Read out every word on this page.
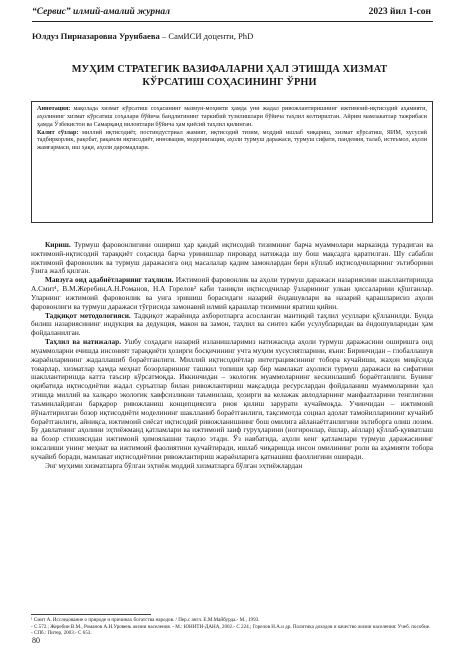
“Сервис” илмий-амалий журнал	2023 йил 1-сон
Юлдуз Пирназаровна Урунбаева – СамИСИ доценти, PhD
МУҲИМ СТРАТЕГИК ВАЗИФАЛАРНИ ҲАЛ ЭТИШДА ХИЗМАТ КЎРСАТИШ СОҲАСИНИНГ ЎРНИ

Аннотация: мақолада хизмат кўрсатиш соҳасининг мазмун-моҳияти ҳамда уни жадал ривожлантиришнинг ижтимоий-иқтисодий аҳамияти, аҳолининг хизмат кўрсатиш соҳалари бўйича бандлигининг таркибий тузилишлари бўйича таҳлил келтирилган. Айрим мамлакатлар тажрибаси ҳамда Ўзбекистон ва Самарқанд вилоятлари бўйича ҳам қиёсий таҳлил қилинган.

Калит сўзлар: миллий иқтисодиёт, постиндустриал жамият, иқтисодий тизим, моддий ишлаб чиқариш, хизмат кўрсатиш, ЯИМ, хусусий тадбиркорлик, рақобат, рақамли иқтисодиёт, инновация, модернизация, аҳоли турмуш даражаси, турмуш сифати, пандемия, талаб, истеъмол, аҳоли жамғармаси, иш ҳақи, аҳоли даромадлари.

Кириш. Турмуш фаровонлигини ошириш ҳар қандай иқтисодий тизимнинг барча муаммолари марказида турадиган ва ижтимоий-иқтисодий тараққиёт соҳасида барча уринишлар пировард натижада шу бош мақсадга қаратилган. Шу сабабли ижтимоий фаровонлик ва турмуш даражасига оид масалалар қадим замонлардан бери кўплаб иқтисодчиларнинг эътиборини ўзига жалб қилган.

Мавзуга оид адабиётларнинг таҳлили. Ижтимоий фаровонлик ва аҳоли турмуш даражаси назариясини шакллантиришда А.Смит¹, В.М.Жеребин,А.Н.Романов, Н.А Горелов² каби таниқли иқтисодчилар ўзларининг улкан ҳиссаларини қўшганлар. Уларнинг ижтимоий фаровонлик ва унга эришиш борасидаги назарий ёндашувлари ва назарий қарашларисиз аҳоли фаровонлиги ва турмуш даражаси тўғрисида замонавий илмий қарашлар тизимини яратиш қийин.

Тадқиқот методологияси. Тадқиқот жараёнида ахборотларга асосланган мантиқий таҳлил усуллари қўлланилди. Бунда билиш назариясининг индукция ва дедукция, макон ва замон, таҳлил ва синтез каби усулубларидан ва ёндошувларидан ҳам фойдаланилган.

Таҳлил ва натижалар. Ушбу соҳадаги назарий изланишларимиз натижасида аҳоли турмуш даражасини оширишга оид муаммоларни ечишда инсоният тараққиёти ҳозирги босқичининг учта муҳим хусусиятларини, яъни: Биринчидан – глобаллашув жараёнларининг жадаллашиб бораётганлиги. Миллий иқтисодиётлар интеграциясининг тобора кучайиши, жаҳон миқёсида товарлар, хизматлар ҳамда меҳнат бозорларининг ташкил топиши ҳар бир мамлакат аҳолиси турмуш даражаси ва сифатини шакллантиришда катта таъсир кўрсатмоқда. Иккинчидан – экологик муаммоларнинг кескинлашиб бораётганлиги. Бунинг оқибатида иқтисодиётни жадал суръатлар билан ривожлантириш мақсадида ресурслардан фойдаланиш муаммоларини ҳал этишда миллий ва халқаро экологик хавфсизликни таъминлаш, ҳозирги ва келажак авлодларнинг манфаатларини тенглигини таъминлайдиган барқарор ривожланиш концепциясига риоя қилиш зарурати кучаймоқда. Учинчидан – ижтимоий йўналтирилган бозор иқтисодиёти моделининг шаклланиб бораётганлиги, тақсимотда социал адолат тамойилларининг кучайиб бораётганлиги, айниқса, ижтимоий сиёсат иқтисодий ривожланишнинг бош омилига айланаётганлигини эътиборга олиш лозим. Бу давлатнинг аҳолини эҳтиёжманд қатламлари ва ижтимоий заиф гуруҳларини (ногиронлар, ёшлар, аёллар) қўллаб-қувватлаш ва бозор стихиясидан ижтимоий ҳимоялашни тақозо этади. Ўз навбатида, аҳоли кенг қатламлари турмуш даражасининг юксалиши унинг меҳнат ва ижтимоий фаолиятини кучайтиради, ишлаб чиқаришда инсон омилининг роли ва аҳамияти тобора кучайиб боради, мамлакат иқтисодиётини ривожлантириш жараёнларига қатнашиш фаоллигини оширади.

Энг муҳими хизматларга бўлган эҳтиёж моддий хизматларга бўлган эҳтиёжлардан

¹ Смит А. Исследование о природе и причинах богатства народов. / Пер.с англ. Е.М.Майбурда.- М., 1993.

- С.572.; Жеребин В.М., Романов А.Н.Уровень жизни населения. - М.: ЮНИТИ-ДАНА, 2002.- С 224.; Горелов Н.А.и др. Политика доходов и качество жизни населения: Учеб. пособие. - СПб.: Питер, 2003.- С 653.

80
